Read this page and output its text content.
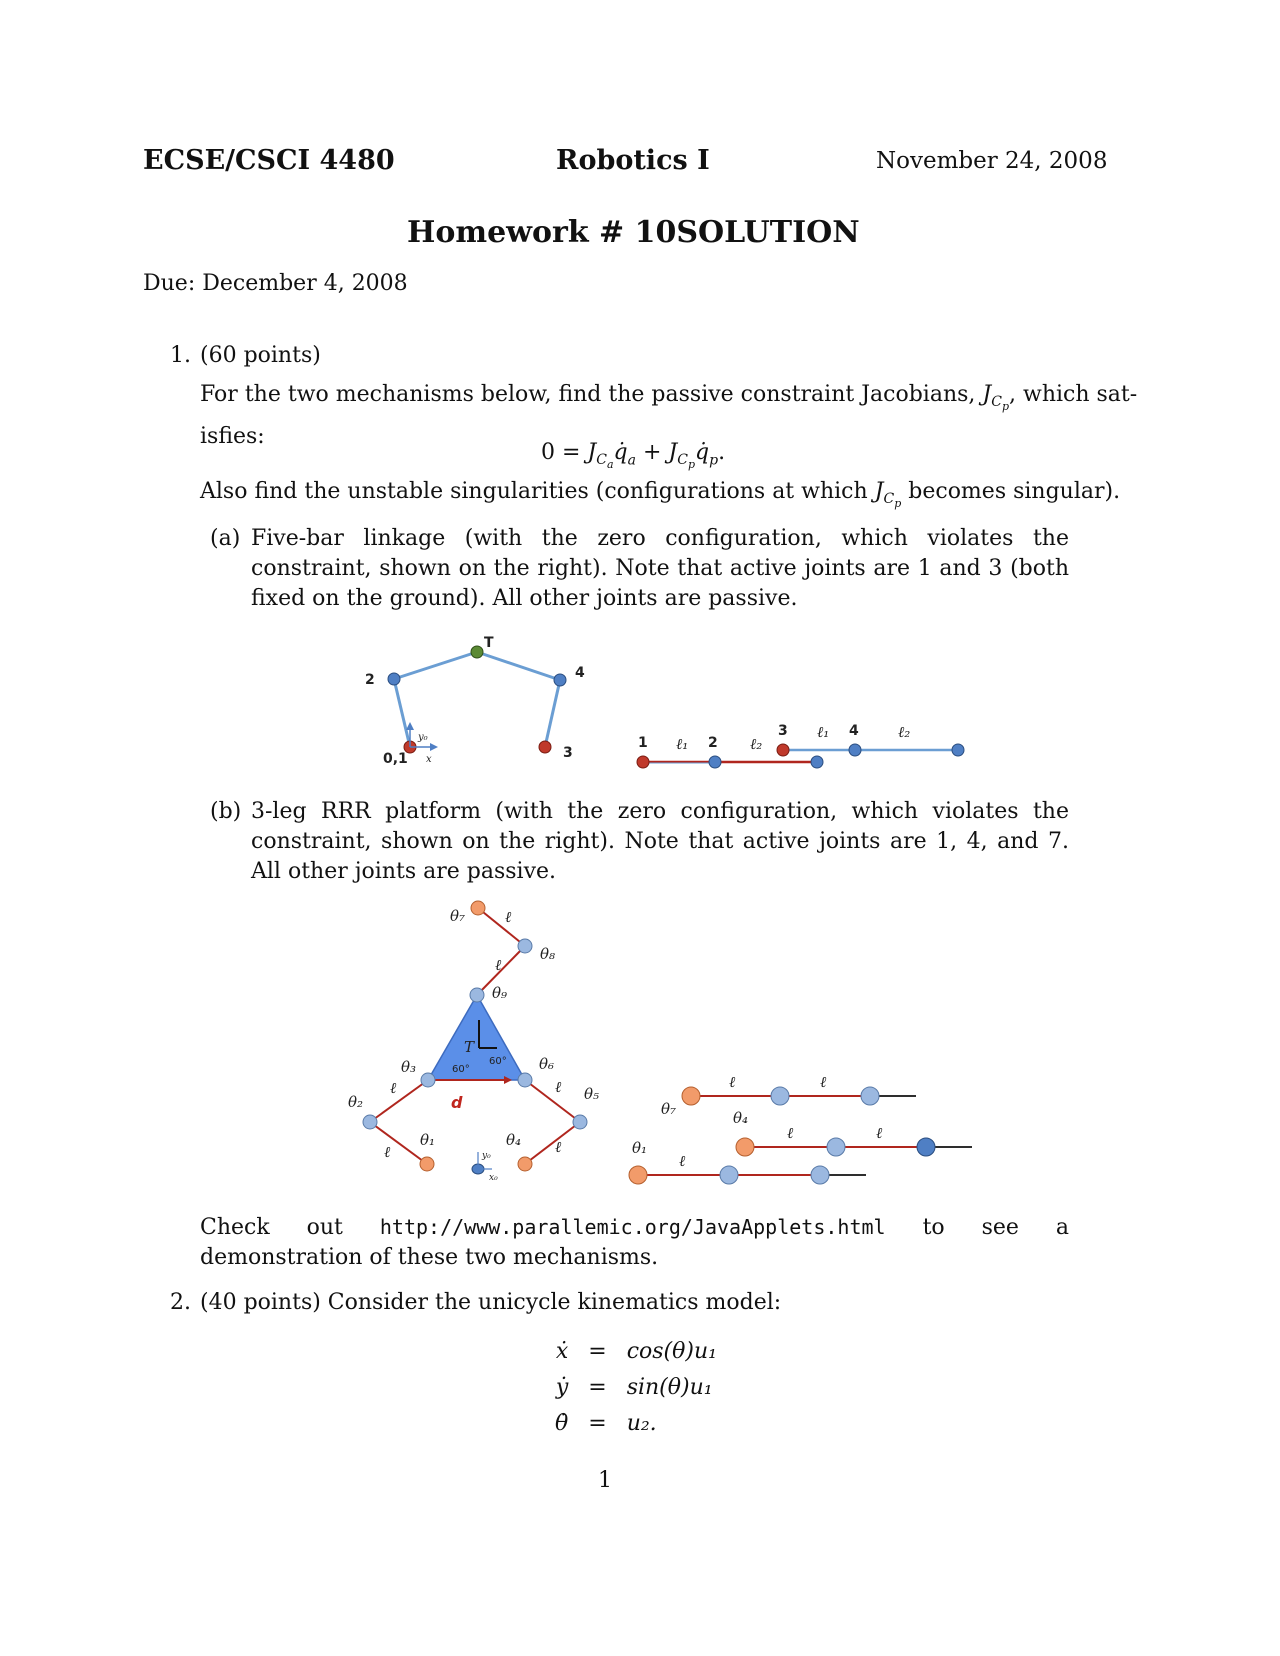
ECSE/CSCI 4480	Robotics I	November 24, 2008
Homework # 10SOLUTION
Due: December 4, 2008
1. (60 points)
For the two mechanisms below, find the passive constraint Jacobians, $J_{C_p}$, which sat-
isfies:
$0 = J_{C_a}q̇_a$ + $J_{C_p}q̇_p$.
Also find the unstable singularities (configurations at which $J_{C_p}$ becomes singular).
(a) Five-bar linkage (with the zero configuration, which violates the constraint, shown on the right). Note that active joints are 1 and 3 (both fixed on the ground). All other joints are passive.
2
T
4
0,1	3
y₀
x
1 ℓ₁ 2 ℓ₂
3 ℓ₁ 4	ℓ₂
(b) 3-leg RRR platform (with the zero configuration, which violates the constraint, shown on the right). Note that active joints are 1, 4, and 7. All other joints are passive.
θ₇	ℓ
θ₈
ℓ
θ₉
T
60°
60°
θ₃	θ₆
ℓ	ℓ θ₅
θ₂	d
θ₁	θ₄
ℓ	ℓ
y₀
x₀
θ₇
ℓ	ℓ
θ₄
ℓ	ℓ
θ₁
ℓ
Check out http://www.parallemic.org/JavaApplets.html to see a demonstration of these two mechanisms.
2. (40 points) Consider the unicycle kinematics model:
ẋ	=	cos(θ)u₁
ẏ	=	sin(θ)u₁
θ̇	=	u₂.
1
